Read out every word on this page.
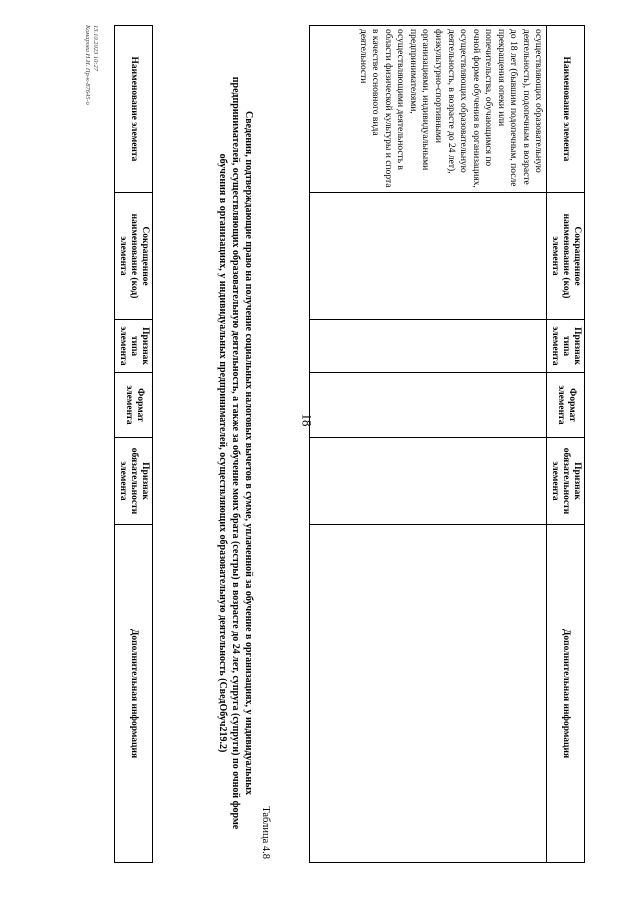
18
Наименование элемента	Сокращенное наименование (код) элемента	Признак типа элемента	Формат элемента	Признак обязательности элемента	Дополнительная информация
осуществляющих образовательную деятельность), подопечным в возрасте до 18 лет (бывшим подопечным, после прекращения опеки или попечительства, обучающимся по очной форме обучения в организациях, осуществляющих образовательную деятельность, в возрасте до 24 лет), физкультурно-спортивными организациями, индивидуальными предпринимателями, осуществляющими деятельность в области физической культуры и спорта в качестве основного вида деятельности					
Таблица 4.8
Сведения, подтверждающие право на получение социальных налоговых вычетов в сумме, уплаченной за обучение в организациях, у индивидуальных предпринимателей, осуществляющих образовательную деятельность, а также за обучение моих брата (сестры) в возрасте до 24 лет, супруга (супруги) по очной форме обучения в организациях, у индивидуальных предпринимателей, осуществляющих образовательную деятельность (СведОбуч219.2)
Наименование элемента	Сокращенное наименование (код) элемента	Признак типа элемента	Формат элемента	Признак обязательности элемента	Дополнительная информация
13.10.2023 10:27
Комарова Н.И. Пр-к-87645-о
